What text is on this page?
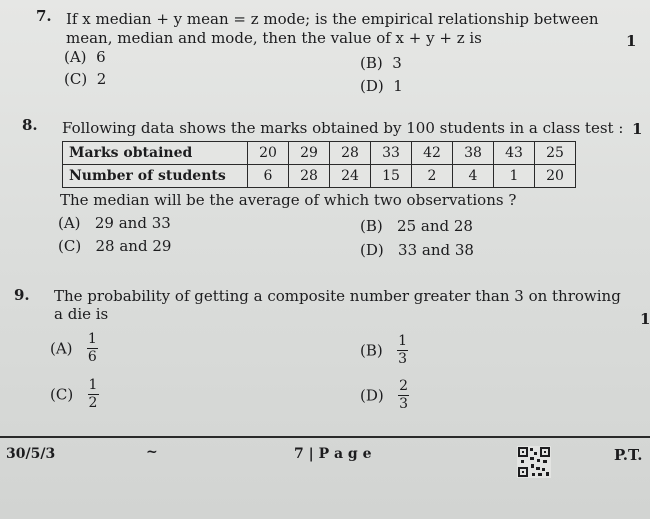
7. If x median + y mean = z mode; is the empirical relationship between
mean, median and mode, then the value of x + y + z is	1
(A) 6	(B) 3
(C) 2	(D) 1
8. Following data shows the marks obtained by 100 students in a class test : 1
Marks obtained	20	29	28	33	42	38	43	25
Number of students	6	28	24	15	2	4	1	20
The median will be the average of which two observations ?
(A) 29 and 33	(B) 25 and 28
(C) 28 and 29	(D) 33 and 38
9. The probability of getting a composite number greater than 3 on throwing
a die is	1
$(A) \frac{1}{6}$	$(B) \frac{1}{3}$
$(C) \frac{1}{2}$	$(D) \frac{2}{3}$
30/5/3	~	7 | P a g e	P.T.
